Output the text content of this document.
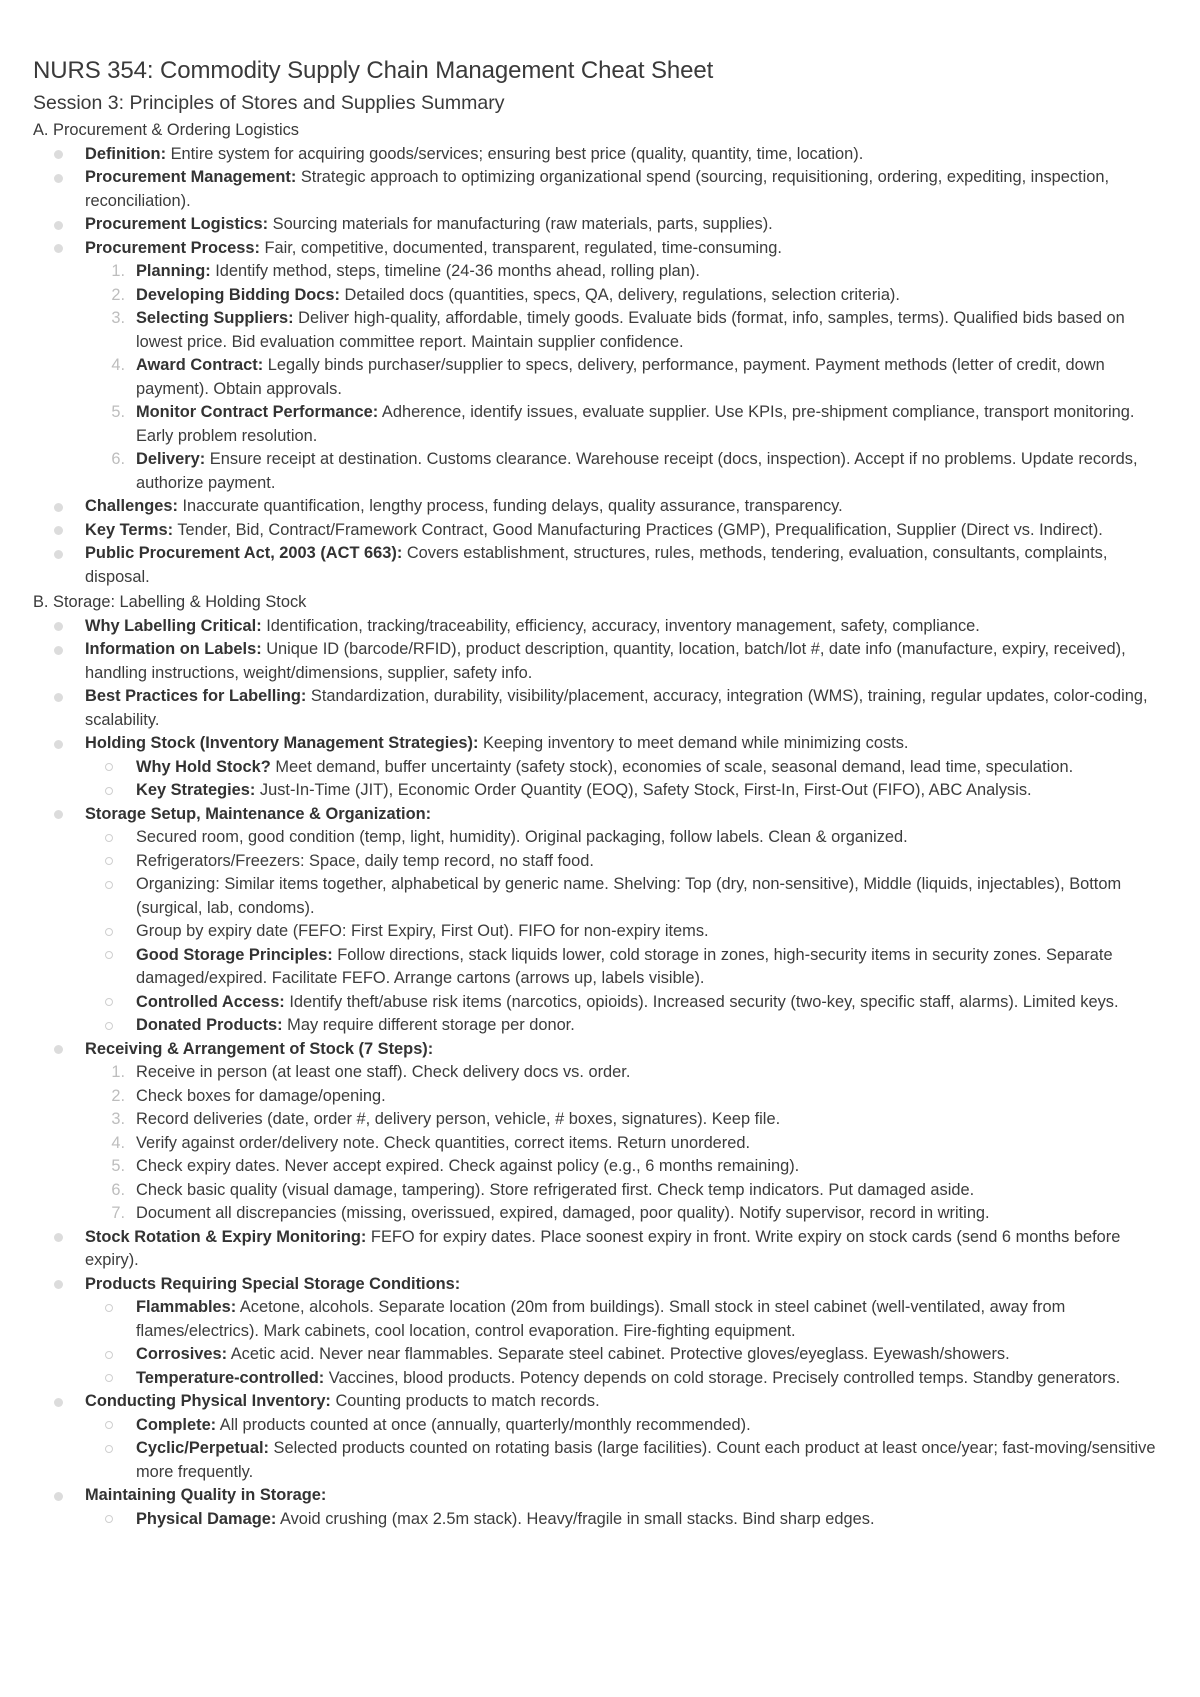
NURS 354: Commodity Supply Chain Management Cheat Sheet
Session 3: Principles of Stores and Supplies Summary
A. Procurement & Ordering Logistics
Definition: Entire system for acquiring goods/services; ensuring best price (quality, quantity, time, location).
Procurement Management: Strategic approach to optimizing organizational spend (sourcing, requisitioning, ordering, expediting, inspection, reconciliation).
Procurement Logistics: Sourcing materials for manufacturing (raw materials, parts, supplies).
Procurement Process: Fair, competitive, documented, transparent, regulated, time-consuming.
1. Planning: Identify method, steps, timeline (24-36 months ahead, rolling plan).
2. Developing Bidding Docs: Detailed docs (quantities, specs, QA, delivery, regulations, selection criteria).
3. Selecting Suppliers: Deliver high-quality, affordable, timely goods. Evaluate bids (format, info, samples, terms). Qualified bids based on lowest price. Bid evaluation committee report. Maintain supplier confidence.
4. Award Contract: Legally binds purchaser/supplier to specs, delivery, performance, payment. Payment methods (letter of credit, down payment). Obtain approvals.
5. Monitor Contract Performance: Adherence, identify issues, evaluate supplier. Use KPIs, pre-shipment compliance, transport monitoring. Early problem resolution.
6. Delivery: Ensure receipt at destination. Customs clearance. Warehouse receipt (docs, inspection). Accept if no problems. Update records, authorize payment.
Challenges: Inaccurate quantification, lengthy process, funding delays, quality assurance, transparency.
Key Terms: Tender, Bid, Contract/Framework Contract, Good Manufacturing Practices (GMP), Prequalification, Supplier (Direct vs. Indirect).
Public Procurement Act, 2003 (ACT 663): Covers establishment, structures, rules, methods, tendering, evaluation, consultants, complaints, disposal.
B. Storage: Labelling & Holding Stock
Why Labelling Critical: Identification, tracking/traceability, efficiency, accuracy, inventory management, safety, compliance.
Information on Labels: Unique ID (barcode/RFID), product description, quantity, location, batch/lot #, date info (manufacture, expiry, received), handling instructions, weight/dimensions, supplier, safety info.
Best Practices for Labelling: Standardization, durability, visibility/placement, accuracy, integration (WMS), training, regular updates, color-coding, scalability.
Holding Stock (Inventory Management Strategies): Keeping inventory to meet demand while minimizing costs.
Why Hold Stock? Meet demand, buffer uncertainty (safety stock), economies of scale, seasonal demand, lead time, speculation.
Key Strategies: Just-In-Time (JIT), Economic Order Quantity (EOQ), Safety Stock, First-In, First-Out (FIFO), ABC Analysis.
Storage Setup, Maintenance & Organization:
Secured room, good condition (temp, light, humidity). Original packaging, follow labels. Clean & organized.
Refrigerators/Freezers: Space, daily temp record, no staff food.
Organizing: Similar items together, alphabetical by generic name. Shelving: Top (dry, non-sensitive), Middle (liquids, injectables), Bottom (surgical, lab, condoms).
Group by expiry date (FEFO: First Expiry, First Out). FIFO for non-expiry items.
Good Storage Principles: Follow directions, stack liquids lower, cold storage in zones, high-security items in security zones. Separate damaged/expired. Facilitate FEFO. Arrange cartons (arrows up, labels visible).
Controlled Access: Identify theft/abuse risk items (narcotics, opioids). Increased security (two-key, specific staff, alarms). Limited keys.
Donated Products: May require different storage per donor.
Receiving & Arrangement of Stock (7 Steps):
1. Receive in person (at least one staff). Check delivery docs vs. order.
2. Check boxes for damage/opening.
3. Record deliveries (date, order #, delivery person, vehicle, # boxes, signatures). Keep file.
4. Verify against order/delivery note. Check quantities, correct items. Return unordered.
5. Check expiry dates. Never accept expired. Check against policy (e.g., 6 months remaining).
6. Check basic quality (visual damage, tampering). Store refrigerated first. Check temp indicators. Put damaged aside.
7. Document all discrepancies (missing, overissued, expired, damaged, poor quality). Notify supervisor, record in writing.
Stock Rotation & Expiry Monitoring: FEFO for expiry dates. Place soonest expiry in front. Write expiry on stock cards (send 6 months before expiry).
Products Requiring Special Storage Conditions:
Flammables: Acetone, alcohols. Separate location (20m from buildings). Small stock in steel cabinet (well-ventilated, away from flames/electrics). Mark cabinets, cool location, control evaporation. Fire-fighting equipment.
Corrosives: Acetic acid. Never near flammables. Separate steel cabinet. Protective gloves/eyeglass. Eyewash/showers.
Temperature-controlled: Vaccines, blood products. Potency depends on cold storage. Precisely controlled temps. Standby generators.
Conducting Physical Inventory: Counting products to match records.
Complete: All products counted at once (annually, quarterly/monthly recommended).
Cyclic/Perpetual: Selected products counted on rotating basis (large facilities). Count each product at least once/year; fast-moving/sensitive more frequently.
Maintaining Quality in Storage:
Physical Damage: Avoid crushing (max 2.5m stack). Heavy/fragile in small stacks. Bind sharp edges.
